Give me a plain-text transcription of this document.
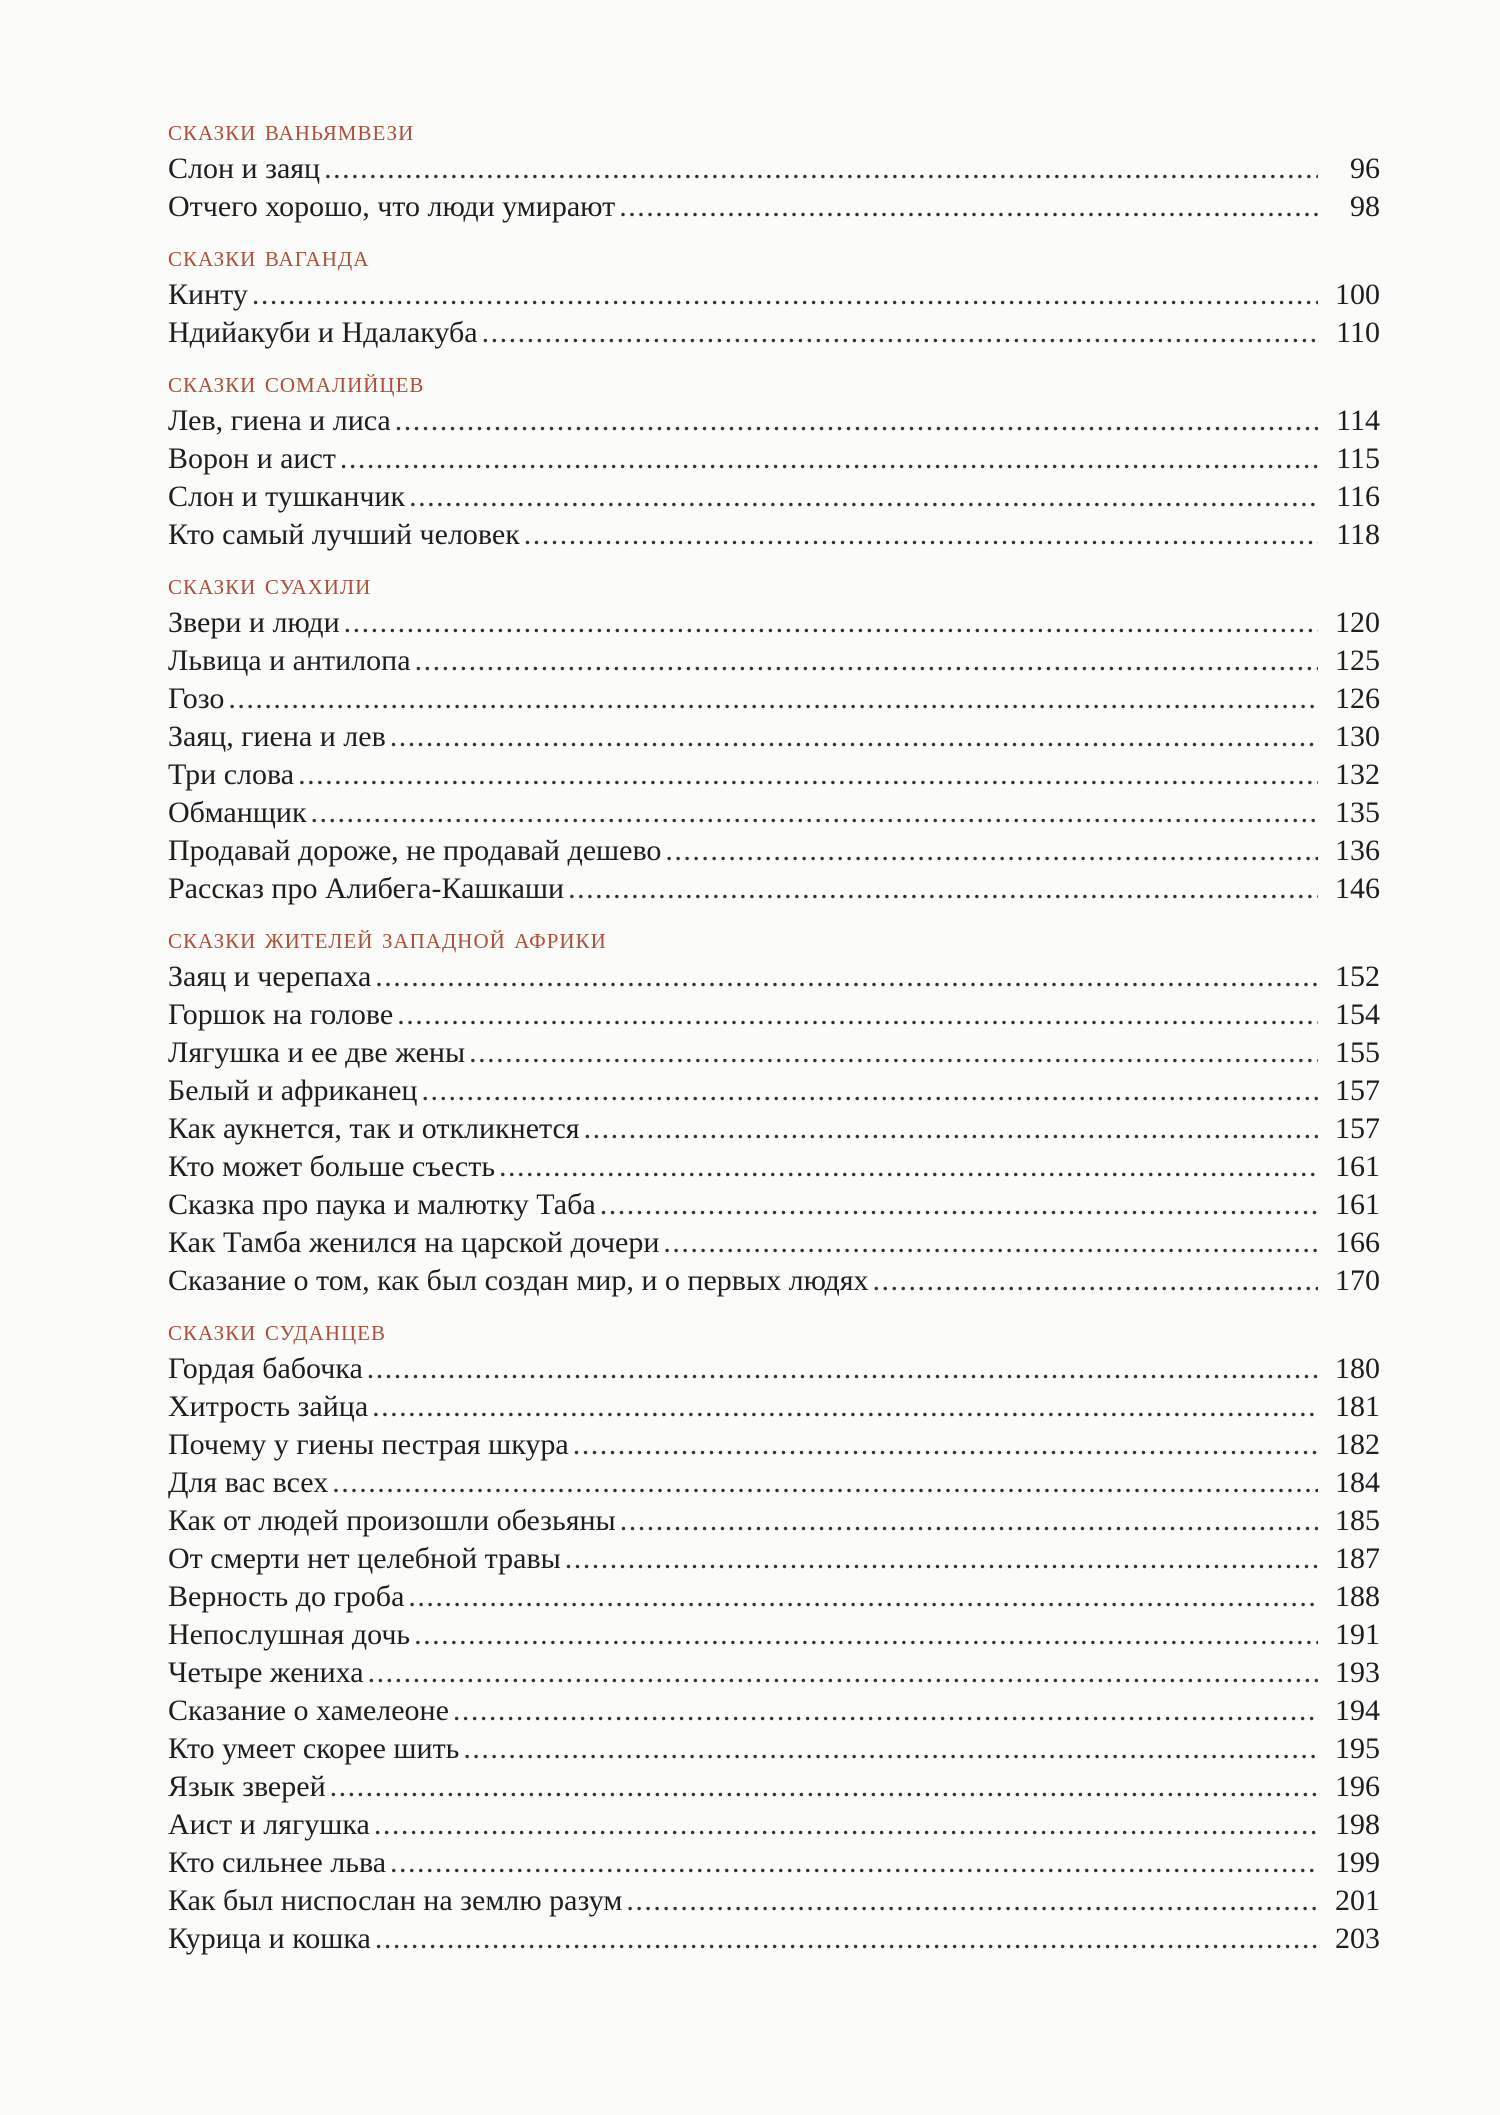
сказки ваньямвези
Слон и заяц . . .	96
Отчего хорошо, что люди умирают . . .	98
сказки ваганда
Кинту . . .	100
Ндийакуби и Ндалакуба . . .	110
сказки сомалийцев
Лев, гиена и лиса . . .	114
Ворон и аист . . .	115
Слон и тушканчик . . .	116
Кто самый лучший человек . . .	118
сказки суахили
Звери и люди . . .	120
Львица и антилопа . . .	125
Гозо . . .	126
Заяц, гиена и лев . . .	130
Три слова . . .	132
Обманщик . . .	135
Продавай дороже, не продавай дешево . . .	136
Рассказ про Алибега-Кашкаши . . .	146
сказки жителей западной африки
Заяц и черепаха . . .	152
Горшок на голове . . .	154
Лягушка и ее две жены . . .	155
Белый и африканец . . .	157
Как аукнется, так и откликнется . . .	157
Кто может больше съесть . . .	161
Сказка про паука и малютку Таба . . .	161
Как Тамба женился на царской дочери . . .	166
Сказание о том, как был создан мир, и о первых людях . . .	170
сказки суданцев
Гордая бабочка . . .	180
Хитрость зайца . . .	181
Почему у гиены пестрая шкура . . .	182
Для вас всех . . .	184
Как от людей произошли обезьяны . . .	185
От смерти нет целебной травы . . .	187
Верность до гроба . . .	188
Непослушная дочь . . .	191
Четыре жениха . . .	193
Сказание о хамелеоне . . .	194
Кто умеет скорее шить . . .	195
Язык зверей . . .	196
Аист и лягушка . . .	198
Кто сильнее льва . . .	199
Как был ниспослан на землю разум . . .	201
Курица и кошка . . .	203
